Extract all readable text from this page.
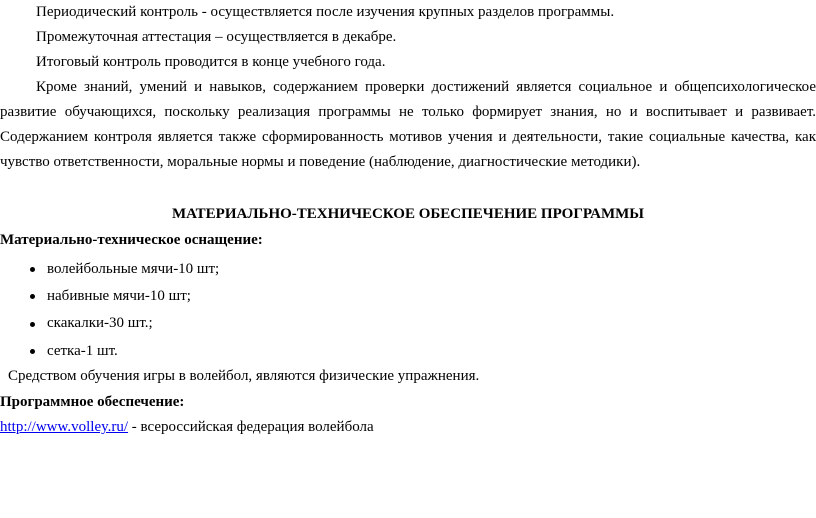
Периодический контроль - осуществляется после изучения крупных разделов программы.
Промежуточная аттестация – осуществляется в декабре.
Итоговый контроль проводится в конце учебного года.
Кроме знаний, умений и навыков, содержанием проверки достижений является социальное и общепсихологическое
развитие обучающихся, поскольку реализация программы не только формирует знания, но и воспитывает и развивает.
Содержанием контроля является также сформированность мотивов учения и деятельности, такие социальные качества, как
чувство ответственности, моральные нормы и поведение (наблюдение, диагностические методики).
МАТЕРИАЛЬНО-ТЕХНИЧЕСКОЕ ОБЕСПЕЧЕНИЕ ПРОГРАММЫ
Материально-техническое оснащение:
волейбольные мячи-10 шт;
набивные мячи-10 шт;
скакалки-30 шт.;
сетка-1 шт.
Средством обучения игры в волейбол, являются физические упражнения.
Программное обеспечение:
http://www.volley.ru/ - всероссийская федерация волейбола
